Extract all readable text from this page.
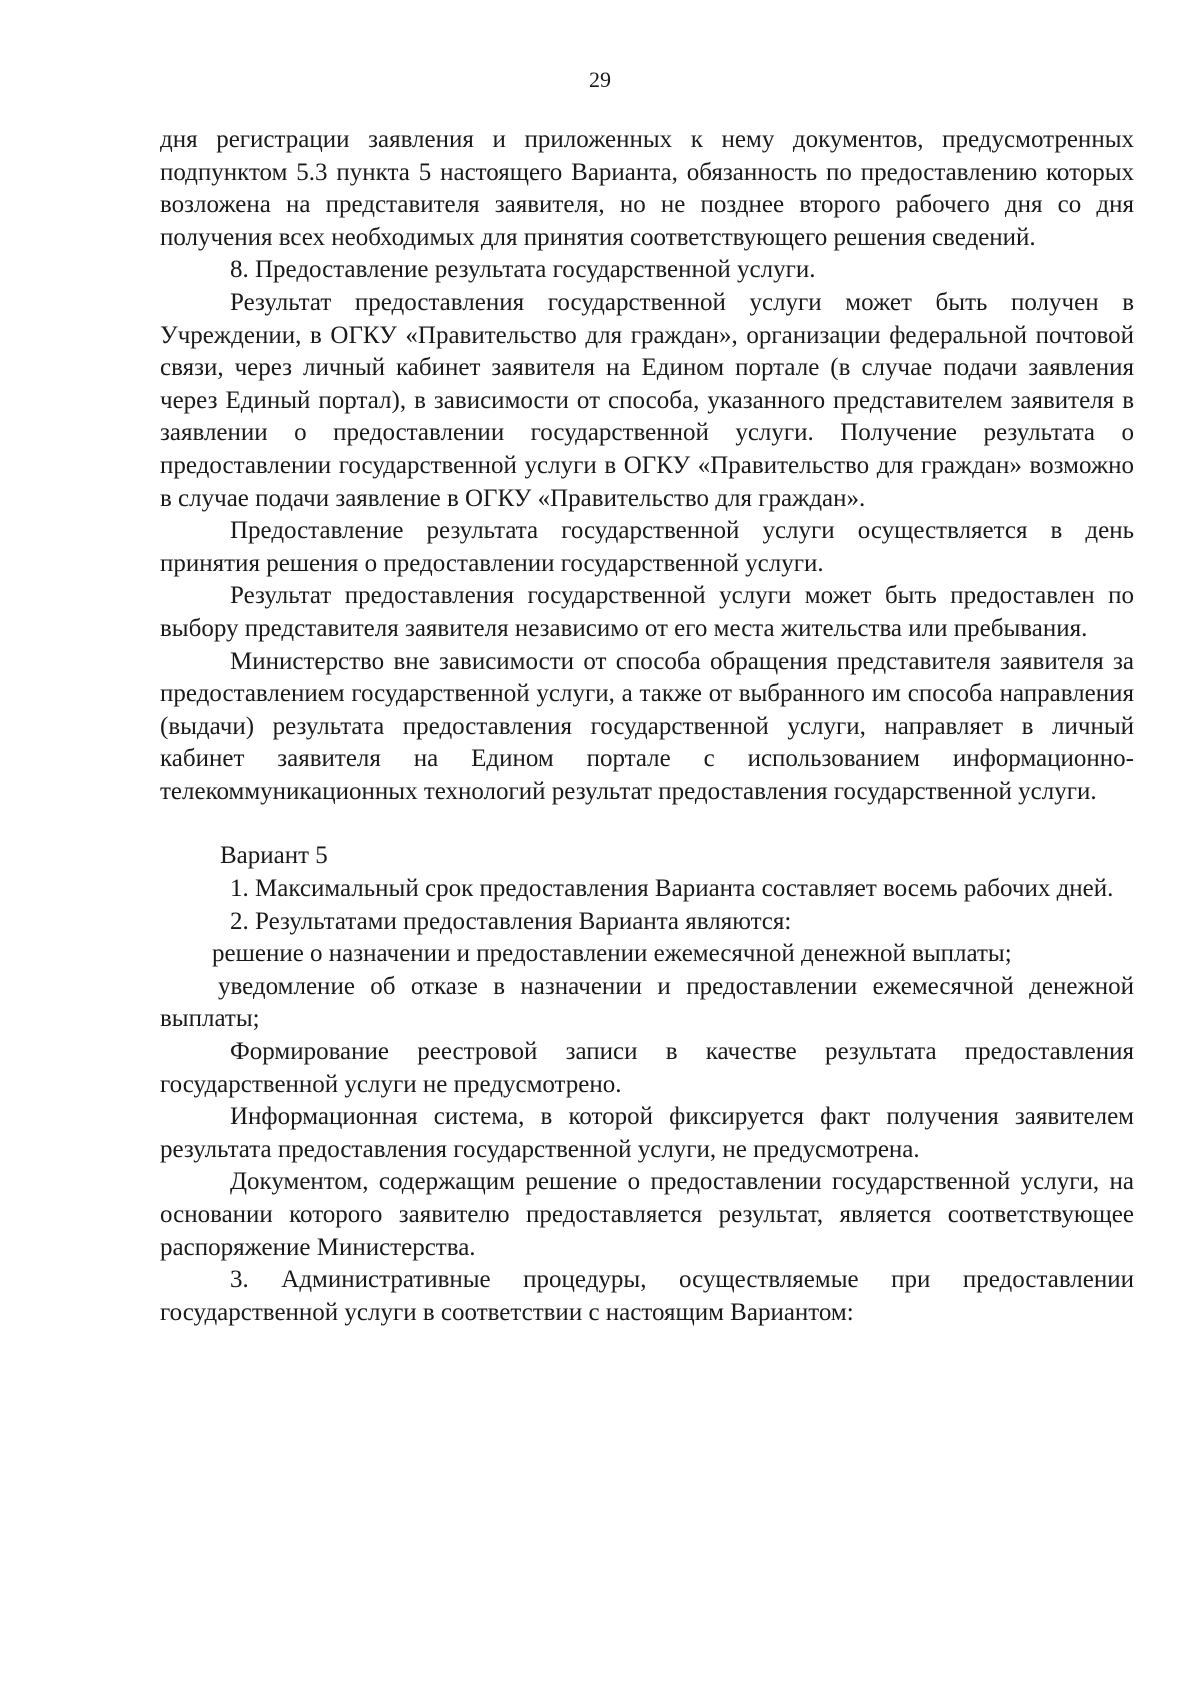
29

дня регистрации заявления и приложенных к нему документов, предусмотренных подпунктом 5.3 пункта 5 настоящего Варианта, обязанность по предоставлению которых возложена на представителя заявителя, но не позднее второго рабочего дня со дня получения всех необходимых для принятия соответствующего решения сведений.

8. Предоставление результата государственной услуги.

Результат предоставления государственной услуги может быть получен в Учреждении, в ОГКУ «Правительство для граждан», организации федеральной почтовой связи, через личный кабинет заявителя на Едином портале (в случае подачи заявления через Единый портал), в зависимости от способа, указанного представителем заявителя в заявлении о предоставлении государственной услуги. Получение результата о предоставлении государственной услуги в ОГКУ «Правительство для граждан» возможно в случае подачи заявление в ОГКУ «Правительство для граждан».

Предоставление результата государственной услуги осуществляется в день принятия решения о предоставлении государственной услуги.

Результат предоставления государственной услуги может быть предоставлен по выбору представителя заявителя независимо от его места жительства или пребывания.

Министерство вне зависимости от способа обращения представителя заявителя за предоставлением государственной услуги, а также от выбранного им способа направления (выдачи) результата предоставления государственной услуги, направляет в личный кабинет заявителя на Едином портале с использованием информационно-телекоммуникационных технологий результат предоставления государственной услуги.

Вариант 5

1. Максимальный срок предоставления Варианта составляет восемь рабочих дней.

2. Результатами предоставления Варианта являются:

решение о назначении и предоставлении ежемесячной денежной выплаты;

уведомление об отказе в назначении и предоставлении ежемесячной денежной выплаты;

Формирование реестровой записи в качестве результата предоставления государственной услуги не предусмотрено.

Информационная система, в которой фиксируется факт получения заявителем результата предоставления государственной услуги, не предусмотрена.

Документом, содержащим решение о предоставлении государственной услуги, на основании которого заявителю предоставляется результат, является соответствующее распоряжение Министерства.

3. Административные процедуры, осуществляемые при предоставлении государственной услуги в соответствии с настоящим Вариантом:
